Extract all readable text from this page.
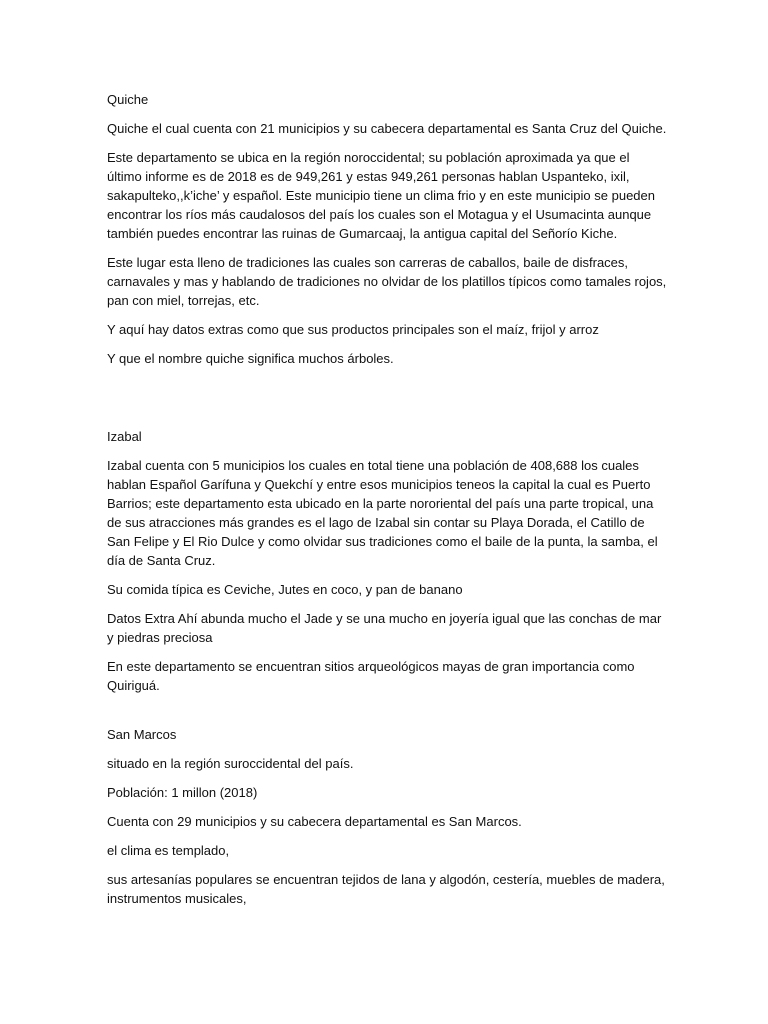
Quiche

Quiche el cual cuenta con 21 municipios y su cabecera departamental es Santa Cruz del Quiche.

Este departamento se ubica en la región noroccidental; su población aproximada ya que el último informe es de 2018 es de 949,261 y estas 949,261 personas hablan Uspanteko, ixil, sakapulteko,,k’iche’ y español. Este municipio tiene un clima frio y en este municipio se pueden encontrar los ríos más caudalosos del país los cuales son el Motagua y el Usumacinta aunque también puedes encontrar las ruinas de Gumarcaaj, la antigua capital del Señorío Kiche.

Este lugar esta lleno de tradiciones las cuales son carreras de caballos, baile de disfraces, carnavales y mas y hablando de tradiciones no olvidar de los platillos típicos como tamales rojos, pan con miel, torrejas, etc.

Y aquí hay datos extras como que sus productos principales son el maíz, frijol y arroz

Y que el nombre quiche significa muchos árboles.

Izabal

Izabal cuenta con 5 municipios los cuales en total tiene una población de 408,688 los cuales hablan Español Garífuna y Quekchí y entre esos municipios teneos la capital la cual es Puerto Barrios; este departamento esta ubicado en la parte nororiental del país una parte tropical, una de sus atracciones más grandes es el lago de Izabal sin contar su Playa Dorada, el Catillo de San Felipe y El Rio Dulce y como olvidar sus tradiciones como el baile de la punta, la samba, el día de Santa Cruz.

Su comida típica es Ceviche, Jutes en coco, y pan de banano

Datos Extra Ahí abunda mucho el Jade y se una mucho en joyería igual que las conchas de mar y piedras preciosa

En este departamento se encuentran sitios arqueológicos mayas de gran importancia como Quiriguá.

San Marcos

situado en la región suroccidental del país.

Población: 1 millon (2018)

Cuenta con 29 municipios y su cabecera departamental es San Marcos.

el clima es templado,

sus artesanías populares se encuentran tejidos de lana y algodón, cestería, muebles de madera, instrumentos musicales,
